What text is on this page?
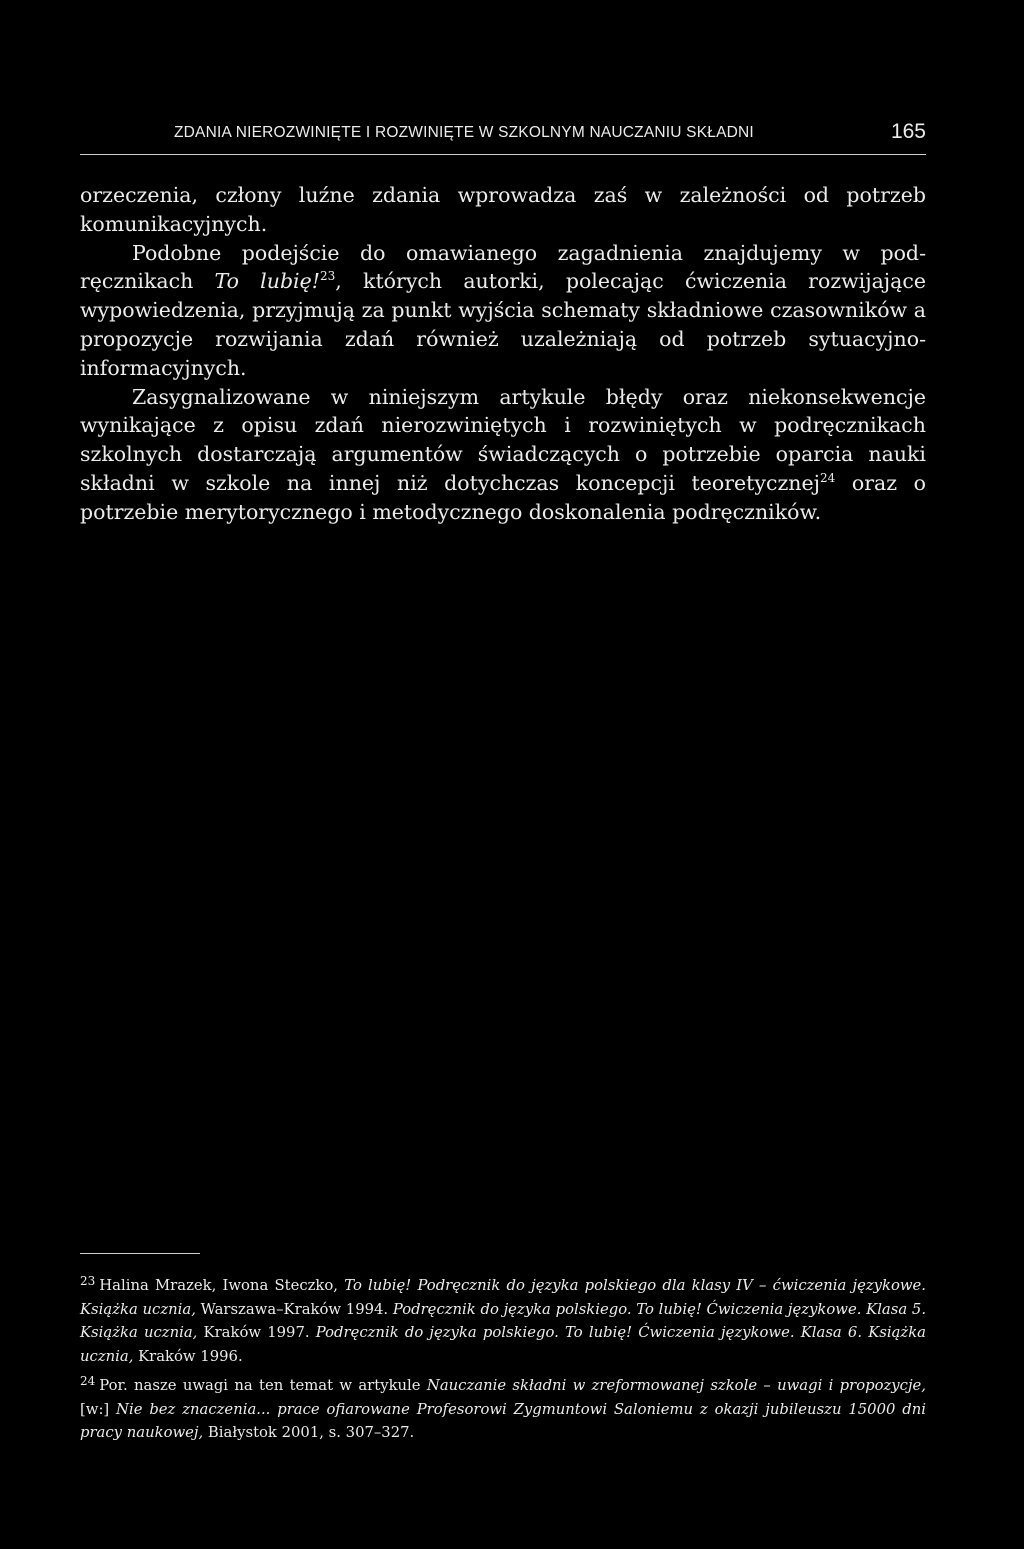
ZDANIA NIEROZWINIĘTE I ROZWINIĘTE W SZKOLNYM NAUCZANIU SKŁADNI	165

orzeczenia, człony luźne zdania wprowadza zaś w zależności od potrzeb komunikacyjnych.

Podobne podejście do omawianego zagadnienia znajdujemy w podręcznikach To lubię!$^{23}$, których autorki, polecając ćwiczenia rozwijające wypowiedzenia, przyjmują za punkt wyjścia schematy składniowe czasowników a propozycje rozwijania zdań również uzależniają od potrzeb sytuacyjno-informacyjnych.

Zasygnalizowane w niniejszym artykule błędy oraz niekonsekwencje wynikające z opisu zdań nierozwiniętych i rozwiniętych w podręcznikach szkolnych dostarczają argumentów świadczących o potrzebie oparcia nauki składni w szkole na innej niż dotychczas koncepcji teoretycznej$^{24}$ oraz o potrzebie merytorycznego i metodycznego doskonalenia podręczników.

$^{23}$ Halina Mrazek, Iwona Steczko, To lubię! Podręcznik do języka polskiego dla klasy IV – ćwiczenia językowe. Książka ucznia, Warszawa–Kraków 1994. Podręcznik do języka polskiego. To lubię! Ćwiczenia językowe. Klasa 5. Książka ucznia, Kraków 1997. Podręcznik do języka polskiego. To lubię! Ćwiczenia językowe. Klasa 6. Książka ucznia, Kraków 1996.

$^{24}$ Por. nasze uwagi na ten temat w artykule Nauczanie składni w zreformowanej szkole – uwagi i propozycje, [w:] Nie bez znaczenia... prace ofiarowane Profesorowi Zygmuntowi Saloniemu z okazji jubileuszu 15000 dni pracy naukowej, Białystok 2001, s. 307–327.
